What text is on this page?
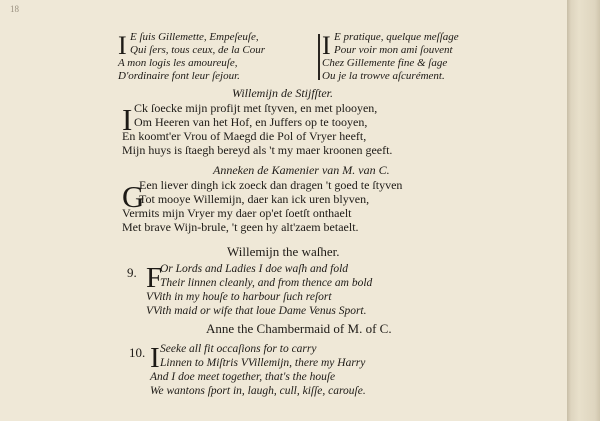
18
I E ſuis Gillemette, Empeſeuſe,
Qui ſers, tous ceux, de la Cour
A mon logis les amoureuſe,
D'ordinaire font leur ſejour.
I E pratique, quelque meſſage
Pour voir mon ami ſouvent
Chez Gillemente fine & ſage
Ou je la trowve aſcurément.
Willemijn de Stijfſter.
I Ck ſoecke mijn profijt met ſtyven, en met plooyen,
Om Heeren van het Hof, en Juffers op te tooyen,
En koomt'er Vrou of Maegd die Pol of Vryer heeft,
Mijn huys is ſtaegh bereyd als 't my maer kroonen geeft.
Anneken de Kamenier van M. van C.
G
Een liever dingh ick zoeck dan dragen 't goed te ſtyven
Tot mooye Willemijn, daer kan ick uren blyven,
Vermits mijn Vryer my daer op'et ſoetſt onthaelt
Met brave Wijn-brule, 't geen hy alt'zaem betaelt.
Willemijn the waſher.
9. F
Or Lords and Ladies I doe waſh and fold
Their linnen cleanly, and from thence am bold
VVith in my houſe to harbour ſuch reſort
VVith maid or wife that loue Dame Venus Sport.
Anne the Chambermaid of M. of C.
10. I Seeke all fit occaſions for to carry
Linnen to Miſtris VVillemijn, there my Harry
And I doe meet together, that's the houſe
We wantons ſport in, laugh, cull, kiſſe, carouſe.
